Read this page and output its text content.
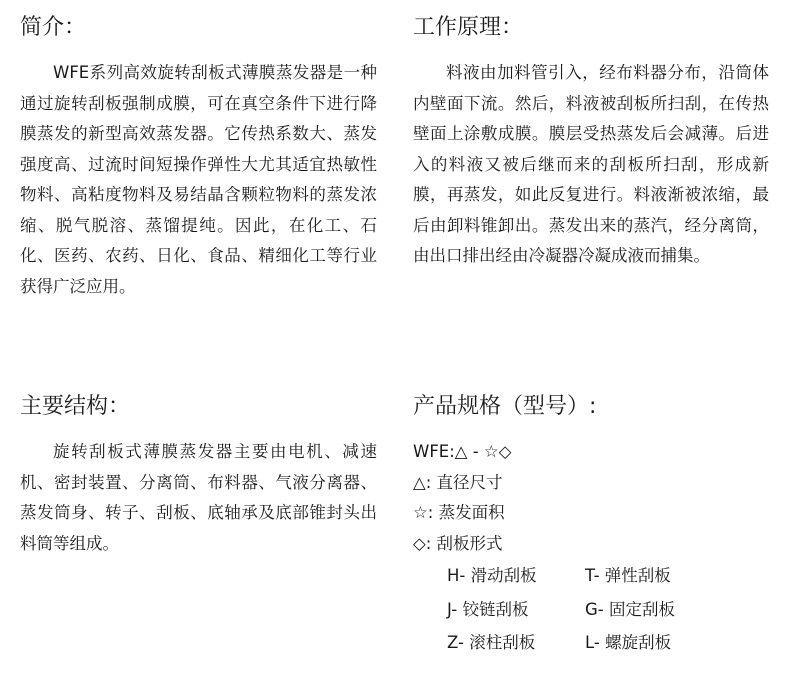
简介：

WFE系列高效旋转刮板式薄膜蒸发器是一种通过旋转刮板强制成膜，可在真空条件下进行降膜蒸发的新型高效蒸发器。它传热系数大、蒸发强度高、过流时间短操作弹性大尤其适宜热敏性物料、高粘度物料及易结晶含颗粒物料的蒸发浓缩、脱气脱溶、蒸馏提纯。因此，在化工、石化、医药、农药、日化、食品、精细化工等行业获得广泛应用。

工作原理：

料液由加料管引入，经布料器分布，沿筒体内壁面下流。然后，料液被刮板所扫刮，在传热壁面上涂敷成膜。膜层受热蒸发后会减薄。后进入的料液又被后继而来的刮板所扫刮，形成新膜，再蒸发，如此反复进行。料液渐被浓缩，最后由卸料锥卸出。蒸发出来的蒸汽，经分离筒，由出口排出经由冷凝器冷凝成液而捕集。

主要结构：

旋转刮板式薄膜蒸发器主要由电机、减速机、密封装置、分离筒、布料器、气液分离器、蒸发筒身、转子、刮板、底轴承及底部锥封头出料筒等组成。

产品规格（型号）:
WFE:△ - ☆◇
△: 直径尺寸
☆: 蒸发面积
◇: 刮板形式
H- 滑动刮板	T- 弹性刮板
J- 铰链刮板	G- 固定刮板
Z- 滚柱刮板	L- 螺旋刮板
